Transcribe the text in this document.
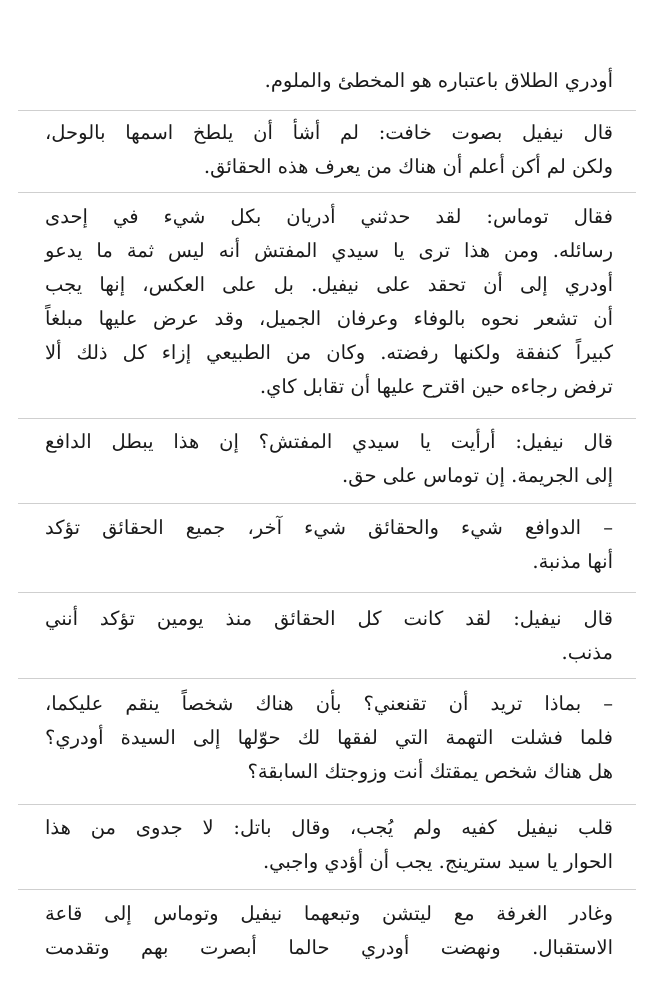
أودري الطلاق باعتباره هو المخطئ والملوم.
قال نيفيل بصوت خافت: لم أشأ أن يلطخ اسمها بالوحل،
ولكن لم أكن أعلم أن هناك من يعرف هذه الحقائق.
فقال توماس: لقد حدثني أدريان بكل شيء في إحدى
رسائله. ومن هذا ترى يا سيدي المفتش أنه ليس ثمة ما يدعو
أودري إلى أن تحقد على نيفيل. بل على العكس، إنها يجب
أن تشعر نحوه بالوفاء وعرفان الجميل، وقد عرض عليها مبلغاً
كبيراً كنفقة ولكنها رفضته. وكان من الطبيعي إزاء كل ذلك ألا
ترفض رجاءه حين اقترح عليها أن تقابل كاي.
قال نيفيل: أرأيت يا سيدي المفتش؟ إن هذا يبطل الدافع
إلى الجريمة. إن توماس على حق.
– الدوافع شيء والحقائق شيء آخر، جميع الحقائق تؤكد
أنها مذنبة.
قال نيفيل: لقد كانت كل الحقائق منذ يومين تؤكد أنني
مذنب.
– بماذا تريد أن تقنعني؟ بأن هناك شخصاً ينقم عليكما،
فلما فشلت التهمة التي لفقها لك حوّلها إلى السيدة أودري؟
هل هناك شخص يمقتك أنت وزوجتك السابقة؟
قلب نيفيل كفيه ولم يُجب، وقال باتل: لا جدوى من هذا
الحوار يا سيد سترينج. يجب أن أؤدي واجبي.
وغادر الغرفة مع ليتشن وتبعهما نيفيل وتوماس إلى قاعة
الاستقبال. ونهضت أودري حالما أبصرت بهم وتقدمت
